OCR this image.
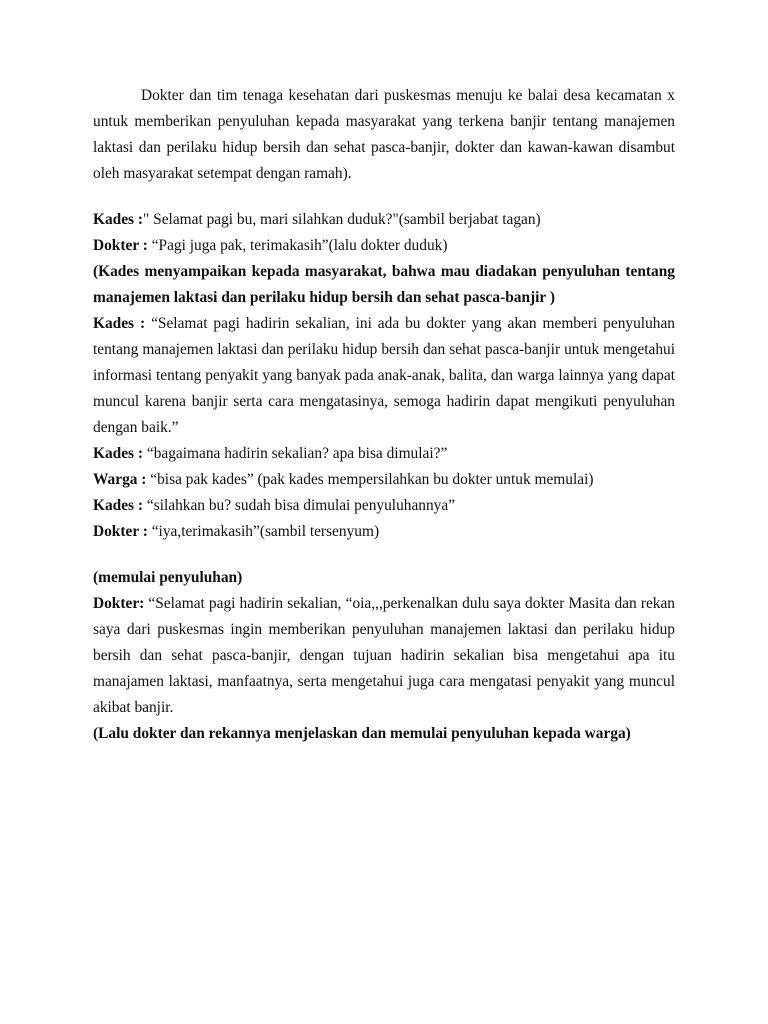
Dokter dan tim tenaga kesehatan dari puskesmas menuju ke balai desa kecamatan x untuk memberikan penyuluhan kepada masyarakat yang terkena banjir tentang manajemen laktasi dan perilaku hidup bersih dan sehat pasca-banjir, dokter dan kawan-kawan disambut oleh masyarakat setempat dengan ramah).

Kades :" Selamat pagi bu, mari silahkan duduk?"(sambil berjabat tagan)

Dokter : “Pagi juga pak, terimakasih”(lalu dokter duduk)

(Kades menyampaikan kepada masyarakat, bahwa mau diadakan penyuluhan tentang manajemen laktasi dan perilaku hidup bersih dan sehat pasca-banjir )

Kades : “Selamat pagi hadirin sekalian, ini ada bu dokter yang akan memberi penyuluhan tentang manajemen laktasi dan perilaku hidup bersih dan sehat pasca-banjir untuk mengetahui informasi tentang penyakit yang banyak pada anak-anak, balita, dan warga lainnya yang dapat muncul karena banjir serta cara mengatasinya, semoga hadirin dapat mengikuti penyuluhan dengan baik.”

Kades : “bagaimana hadirin sekalian? apa bisa dimulai?”

Warga : “bisa pak kades” (pak kades mempersilahkan bu dokter untuk memulai)

Kades : “silahkan bu? sudah bisa dimulai penyuluhannya”

Dokter : “iya,terimakasih”(sambil tersenyum)

(memulai penyuluhan)

Dokter: “Selamat pagi hadirin sekalian, “oia,,,perkenalkan dulu saya dokter Masita dan rekan saya dari puskesmas ingin memberikan penyuluhan manajemen laktasi dan perilaku hidup bersih dan sehat pasca-banjir, dengan tujuan hadirin sekalian bisa mengetahui apa itu manajamen laktasi, manfaatnya, serta mengetahui juga cara mengatasi penyakit yang muncul akibat banjir.

(Lalu dokter dan rekannya menjelaskan dan memulai penyuluhan kepada warga)
